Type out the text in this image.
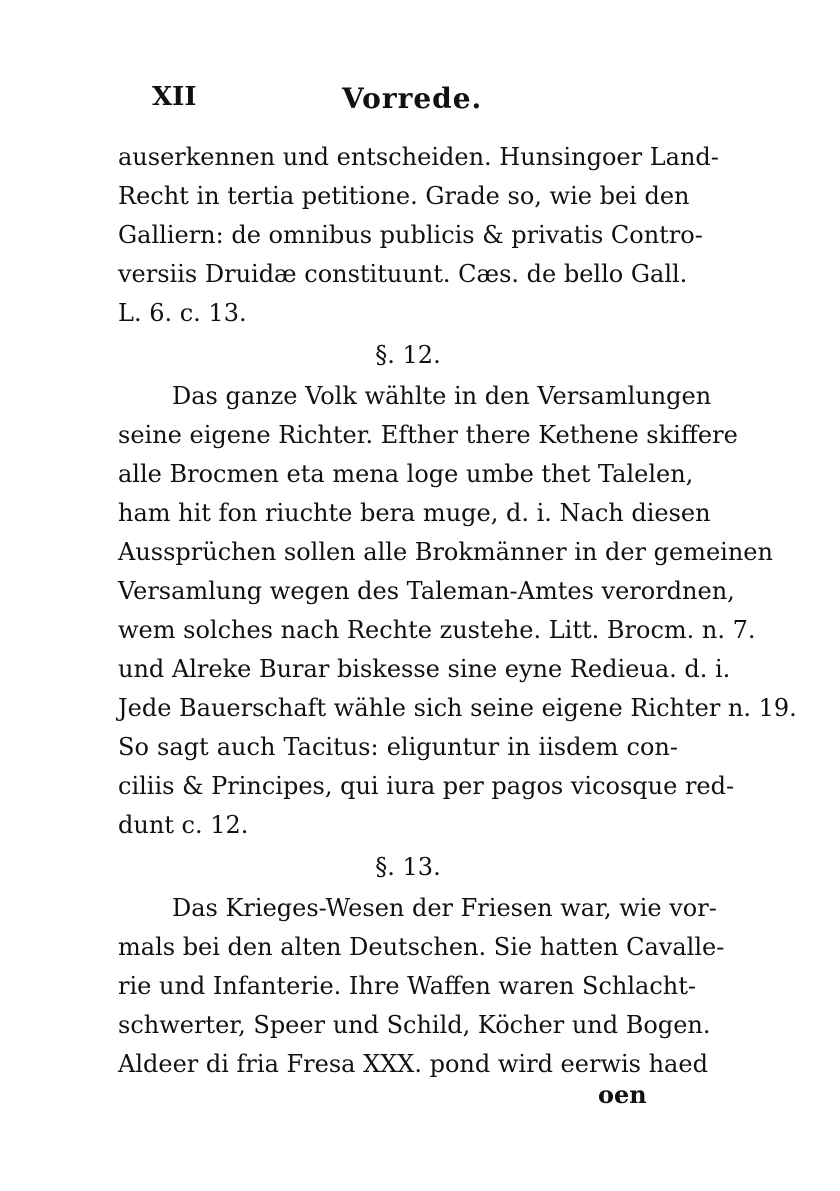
XII	Vorrede.
auserkennen und entscheiden. Hunsingoer Land-
Recht in tertia petitione. Grade so, wie bei den
Galliern: de omnibus publicis & privatis Contro-
versiis Druidæ constituunt. Cæs. de bello Gall.
L. 6. c. 13.
§. 12.
Das ganze Volk wählte in den Versamlungen
seine eigene Richter. Efther there Kethene skiffere
alle Brocmen eta mena loge umbe thet Talelen,
ham hit fon riuchte bera muge, d. i. Nach diesen
Aussprüchen sollen alle Brokmänner in der gemeinen
Versamlung wegen des Taleman-Amtes verordnen,
wem solches nach Rechte zustehe. Litt. Brocm. n. 7.
und Alreke Burar biskesse sine eyne Redieua. d. i.
Jede Bauerschaft wähle sich seine eigene Richter n. 19.
So sagt auch Tacitus: eliguntur in iisdem con-
ciliis & Principes, qui iura per pagos vicosque red-
dunt c. 12.
§. 13.
Das Krieges-Wesen der Friesen war, wie vor-
mals bei den alten Deutschen. Sie hatten Cavalle-
rie und Infanterie. Ihre Waffen waren Schlacht-
schwerter, Speer und Schild, Köcher und Bogen.
Aldeer di fria Fresa XXX. pond wird eerwis haed
oen
